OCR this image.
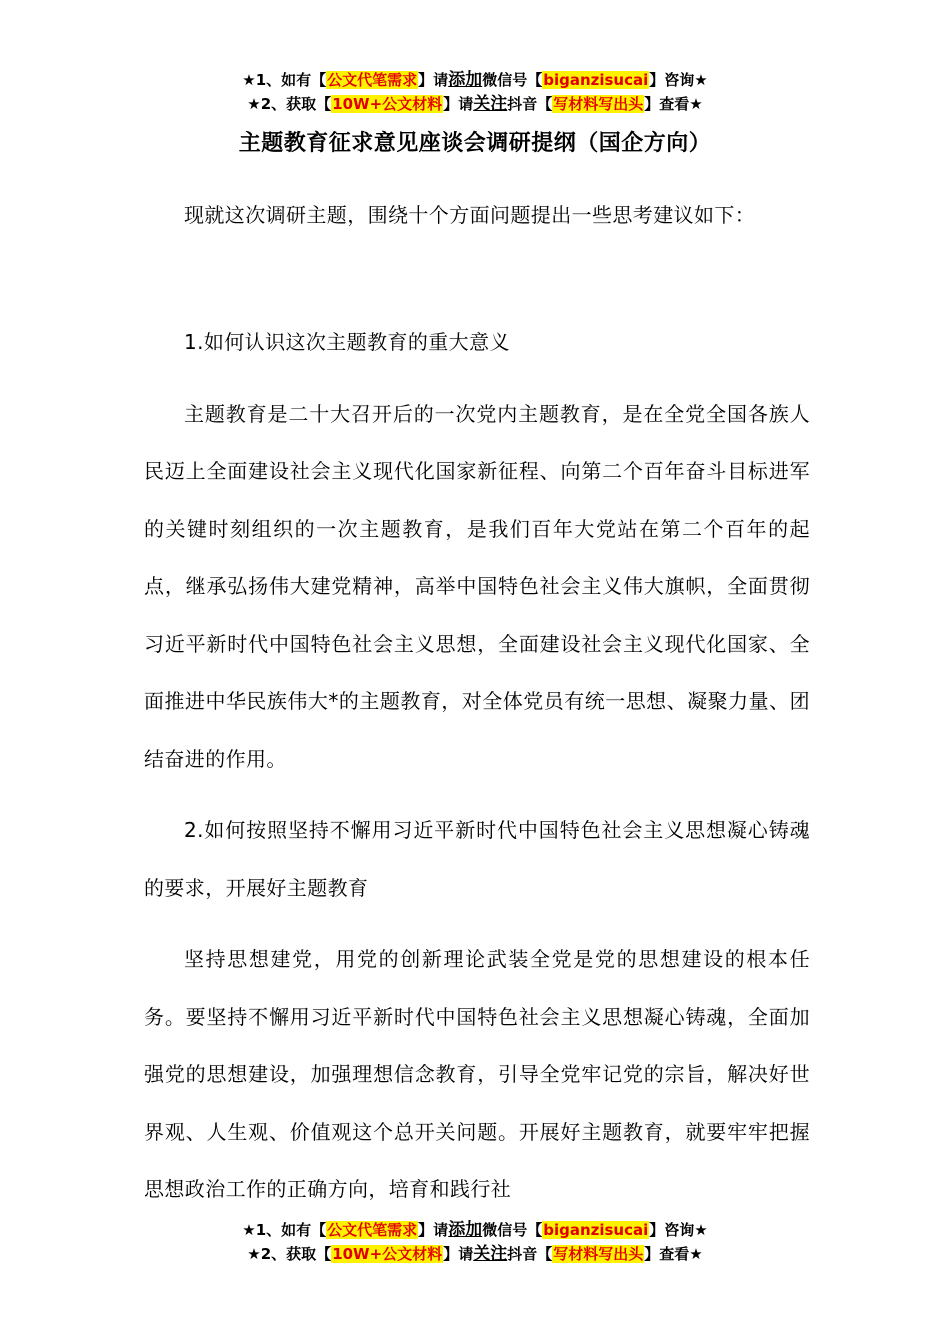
★1、如有【公文代笔需求】请添加微信号【biganzisucai】咨询★
★2、获取【10W+公文材料】请关注抖音【写材料写出头】查看★
主题教育征求意见座谈会调研提纲（国企方向）

现就这次调研主题，围绕十个方面问题提出一些思考建议如下：

1.如何认识这次主题教育的重大意义

主题教育是二十大召开后的一次党内主题教育，是在全党全国各族人民迈上全面建设社会主义现代化国家新征程、向第二个百年奋斗目标进军的关键时刻组织的一次主题教育，是我们百年大党站在第二个百年的起点，继承弘扬伟大建党精神，高举中国特色社会主义伟大旗帜，全面贯彻习近平新时代中国特色社会主义思想，全面建设社会主义现代化国家、全面推进中华民族伟大*的主题教育，对全体党员有统一思想、凝聚力量、团结奋进的作用。

2.如何按照坚持不懈用习近平新时代中国特色社会主义思想凝心铸魂的要求，开展好主题教育

坚持思想建党，用党的创新理论武装全党是党的思想建设的根本任务。要坚持不懈用习近平新时代中国特色社会主义思想凝心铸魂，全面加强党的思想建设，加强理想信念教育，引导全党牢记党的宗旨，解决好世界观、人生观、价值观这个总开关问题。开展好主题教育，就要牢牢把握思想政治工作的正确方向，培育和践行社

★1、如有【公文代笔需求】请添加微信号【biganzisucai】咨询★
★2、获取【10W+公文材料】请关注抖音【写材料写出头】查看★
